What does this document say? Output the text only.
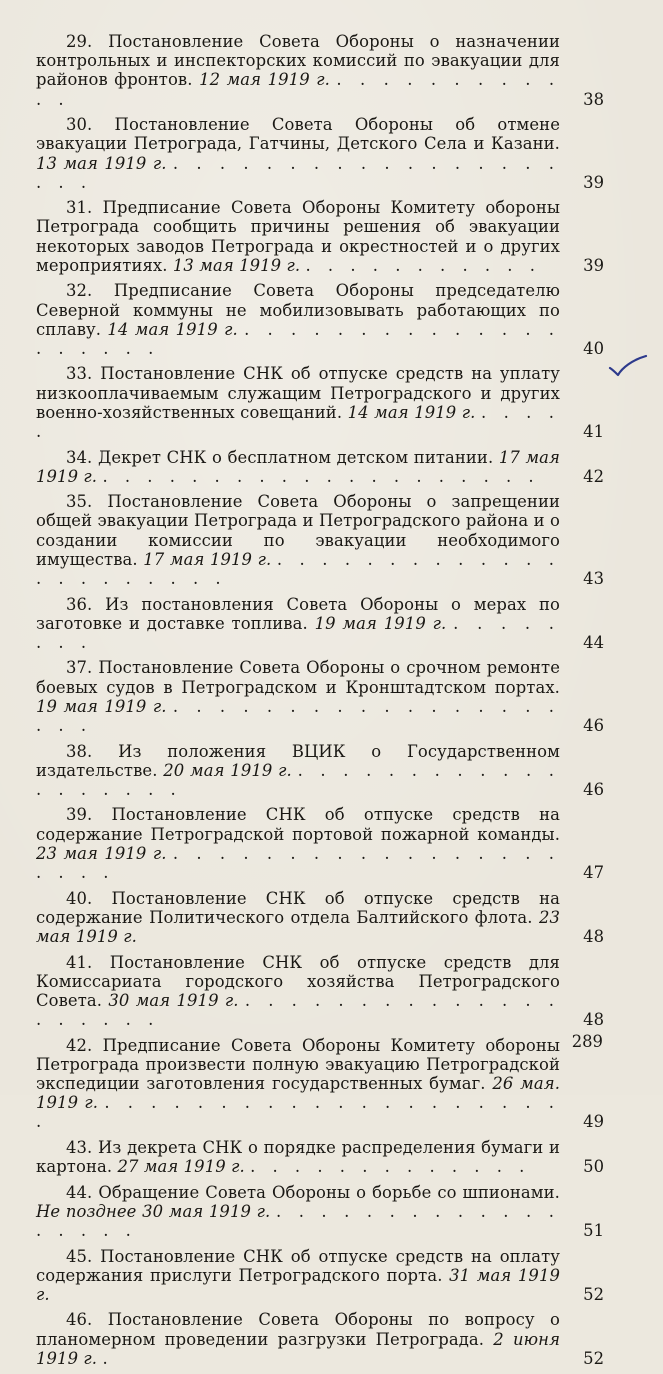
29. Постановление Совета Обороны о назначении контрольных и инспекторских комиссий по эвакуации для районов фронтов. 12 мая 1919 г. . . . . . . . . . . . .	38
30. Постановление Совета Обороны об отмене эвакуации Петрограда, Гатчины, Детского Села и Казани. 13 мая 1919 г. . . . . . . . . . . . . . . . . . . . .	39
31. Предписание Совета Обороны Комитету обороны Петрограда сообщить причины решения об эвакуации некоторых заводов Петрограда и окрестностей и о других мероприятиях. 13 мая 1919 г. . . . . . . . . . . .	39
32. Предписание Совета Обороны председателю Северной коммуны не мобилизовывать работающих по сплаву. 14 мая 1919 г. . . . . . . . . . . . . . . . . . . . .	40
33. Постановление СНК об отпуске средств на уплату низкооплачиваемым служащим Петроградского и других военно-хозяйственных совещаний. 14 мая 1919 г. . . . . .	41
34. Декрет СНК о бесплатном детском питании. 17 мая 1919 г. . . . . . . . . . . . . . . . . . . . .	42
35. Постановление Совета Обороны о запрещении общей эвакуации Петрограда и Петроградского района и о создании комиссии по эвакуации необходимого имущества. 17 мая 1919 г. . . . . . . . . . . . . . . . . . . . . . .	43
36. Из постановления Совета Обороны о мерах по заготовке и доставке топлива. 19 мая 1919 г. . . . . . . . .	44
37. Постановление Совета Обороны о срочном ремонте боевых судов в Петроградском и Кронштадтском портах. 19 мая 1919 г. . . . . . . . . . . . . . . . . . . . .	46
38. Из положения ВЦИК о Государственном издательстве. 20 мая 1919 г. . . . . . . . . . . . . . . . . . . .	46
39. Постановление СНК об отпуске средств на содержание Петроградской портовой пожарной команды. 23 мая 1919 г. . . . . . . . . . . . . . . . . . . . . .	47
40. Постановление СНК об отпуске средств на содержание Политического отдела Балтийского флота. 23 мая 1919 г.	48
41. Постановление СНК об отпуске средств для Комиссариата городского хозяйства Петроградского Совета. 30 мая 1919 г. . . . . . . . . . . . . . . . . . . . .	48
42. Предписание Совета Обороны Комитету обороны Петрограда произвести полную эвакуацию Петроградской экспедиции заготовления государственных бумаг. 26 мая. 1919 г. . . . . . . . . . . . . . . . . . . . . .	49
43. Из декрета СНК о порядке распределения бумаги и картона. 27 мая 1919 г. . . . . . . . . . . . . .	50
44. Обращение Совета Обороны о борьбе со шпионами. Не позднее 30 мая 1919 г. . . . . . . . . . . . . . . . . . .	51
45. Постановление СНК об отпуске средств на оплату содержания прислуги Петроградского порта. 31 мая 1919 г.	52
46. Постановление Совета Обороны по вопросу о планомерном проведении разгрузки Петрограда. 2 июня 1919 г. .	52
289
